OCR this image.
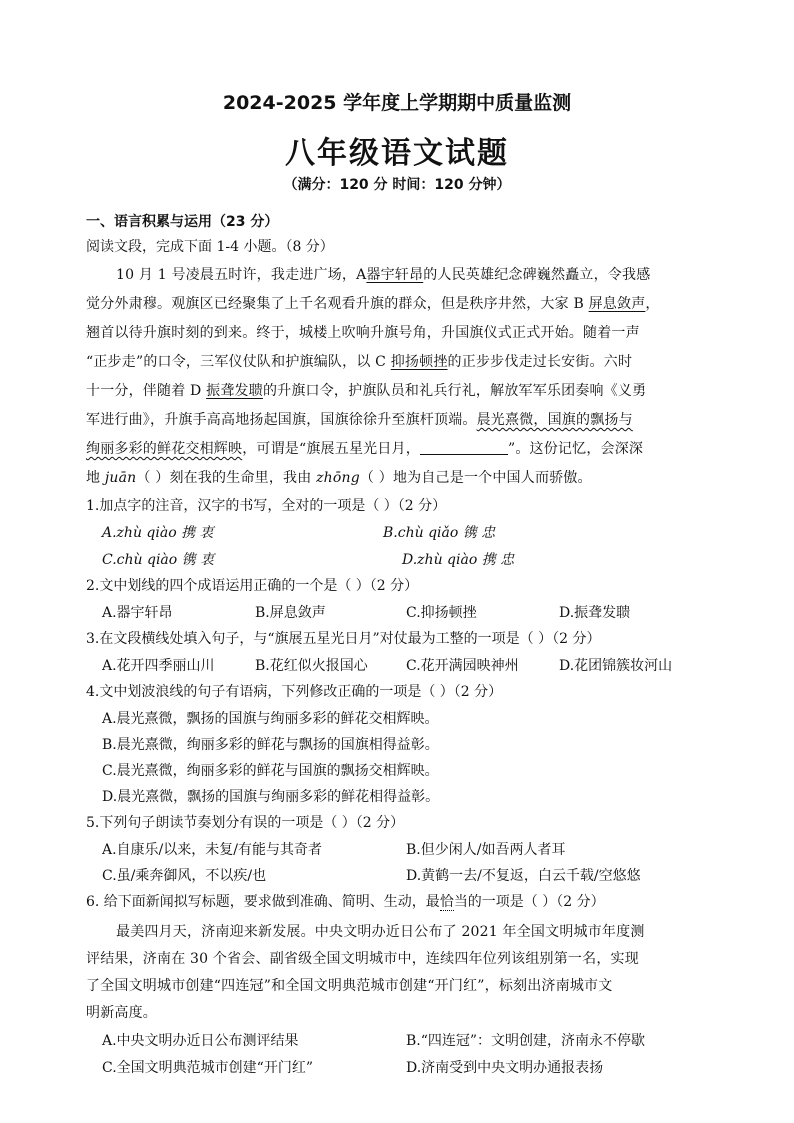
2024-2025 学年度上学期期中质量监测
八年级语文试题
（满分：120 分 时间：120 分钟）
一、语言积累与运用（23 分）
阅读文段，完成下面 1-4 小题。（8 分）
10 月 1 号凌晨五时许，我走进广场，A器宇轩昂的人民英雄纪念碑巍然矗立，令我感
觉分外肃穆。观旗区已经聚集了上千名观看升旗的群众，但是秩序井然，大家 B 屏息敛声，
翘首以待升旗时刻的到来。终于，城楼上吹响升旗号角，升国旗仪式正式开始。随着一声
“正步走”的口令，三军仪仗队和护旗编队，以 C 抑扬顿挫的正步步伐走过长安街。六时
十一分，伴随着 D 振聋发聩的升旗口令，护旗队员和礼兵行礼，解放军军乐团奏响《义勇
军进行曲》，升旗手高高地扬起国旗，国旗徐徐升至旗杆顶端。晨光熹微，国旗的飘扬与
绚丽多彩的鲜花交相辉映，可谓是“旗展五星光日月，	”。这份记忆，会深深
地 juān（ ）刻在我的生命里，我由 zhōng（ ）地为自己是一个中国人而骄傲。
1.加点字的注音，汉字的书写，全对的一项是（ ）（2 分）
A.zhù qiào 携 衷	B.chù qiǎo 镌 忠
C.chù qiào 镌 衷	D.zhù qiào 携 忠
2.文中划线的四个成语运用正确的一个是（ ）（2 分）
A.器宇轩昂	B.屏息敛声	C.抑扬顿挫	D.振聋发聩
3.在文段横线处填入句子，与“旗展五星光日月”对仗最为工整的一项是（ ）（2 分）
A.花开四季丽山川	B.花红似火报国心	C.花开满园映神州	D.花团锦簇妆河山
4.文中划波浪线的句子有语病，下列修改正确的一项是（ ）（2 分）
A.晨光熹微，飘扬的国旗与绚丽多彩的鲜花交相辉映。
B.晨光熹微，绚丽多彩的鲜花与飘扬的国旗相得益彰。
C.晨光熹微，绚丽多彩的鲜花与国旗的飘扬交相辉映。
D.晨光熹微，飘扬的国旗与绚丽多彩的鲜花相得益彰。
5.下列句子朗读节奏划分有误的一项是（ ）（2 分）
A.自康乐/以来，未复/有能与其奇者	B.但少闲人/如吾两人者耳
C.虽/乘奔御风，不以疾/也	D.黄鹤一去/不复返，白云千载/空悠悠
6. 给下面新闻拟写标题，要求做到准确、简明、生动，最恰当的一项是（ ）（2 分）
最美四月天，济南迎来新发展。中央文明办近日公布了 2021 年全国文明城市年度测
评结果，济南在 30 个省会、副省级全国文明城市中，连续四年位列该组别第一名，实现
了全国文明城市创建“四连冠”和全国文明典范城市创建“开门红”，标刻出济南城市文
明新高度。
A.中央文明办近日公布测评结果	B.“四连冠”：文明创建，济南永不停歇
C.全国文明典范城市创建“开门红”	D.济南受到中央文明办通报表扬
